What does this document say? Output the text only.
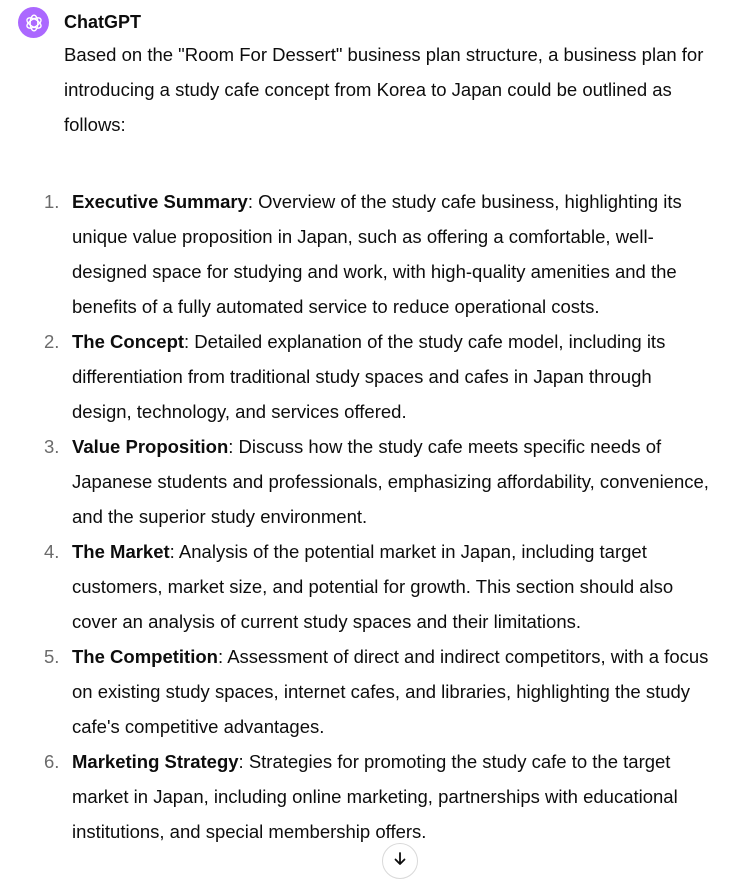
ChatGPT

Based on the "Room For Dessert" business plan structure, a business plan for introducing a study cafe concept from Korea to Japan could be outlined as follows:

1. Executive Summary: Overview of the study cafe business, highlighting its unique value proposition in Japan, such as offering a comfortable, well-designed space for studying and work, with high-quality amenities and the benefits of a fully automated service to reduce operational costs.
2. The Concept: Detailed explanation of the study cafe model, including its differentiation from traditional study spaces and cafes in Japan through design, technology, and services offered.
3. Value Proposition: Discuss how the study cafe meets specific needs of Japanese students and professionals, emphasizing affordability, convenience, and the superior study environment.
4. The Market: Analysis of the potential market in Japan, including target customers, market size, and potential for growth. This section should also cover an analysis of current study spaces and their limitations.
5. The Competition: Assessment of direct and indirect competitors, with a focus on existing study spaces, internet cafes, and libraries, highlighting the study cafe's competitive advantages.
6. Marketing Strategy: Strategies for promoting the study cafe to the target market in Japan, including online marketing, partnerships with educational institutions, and special membership offers.
